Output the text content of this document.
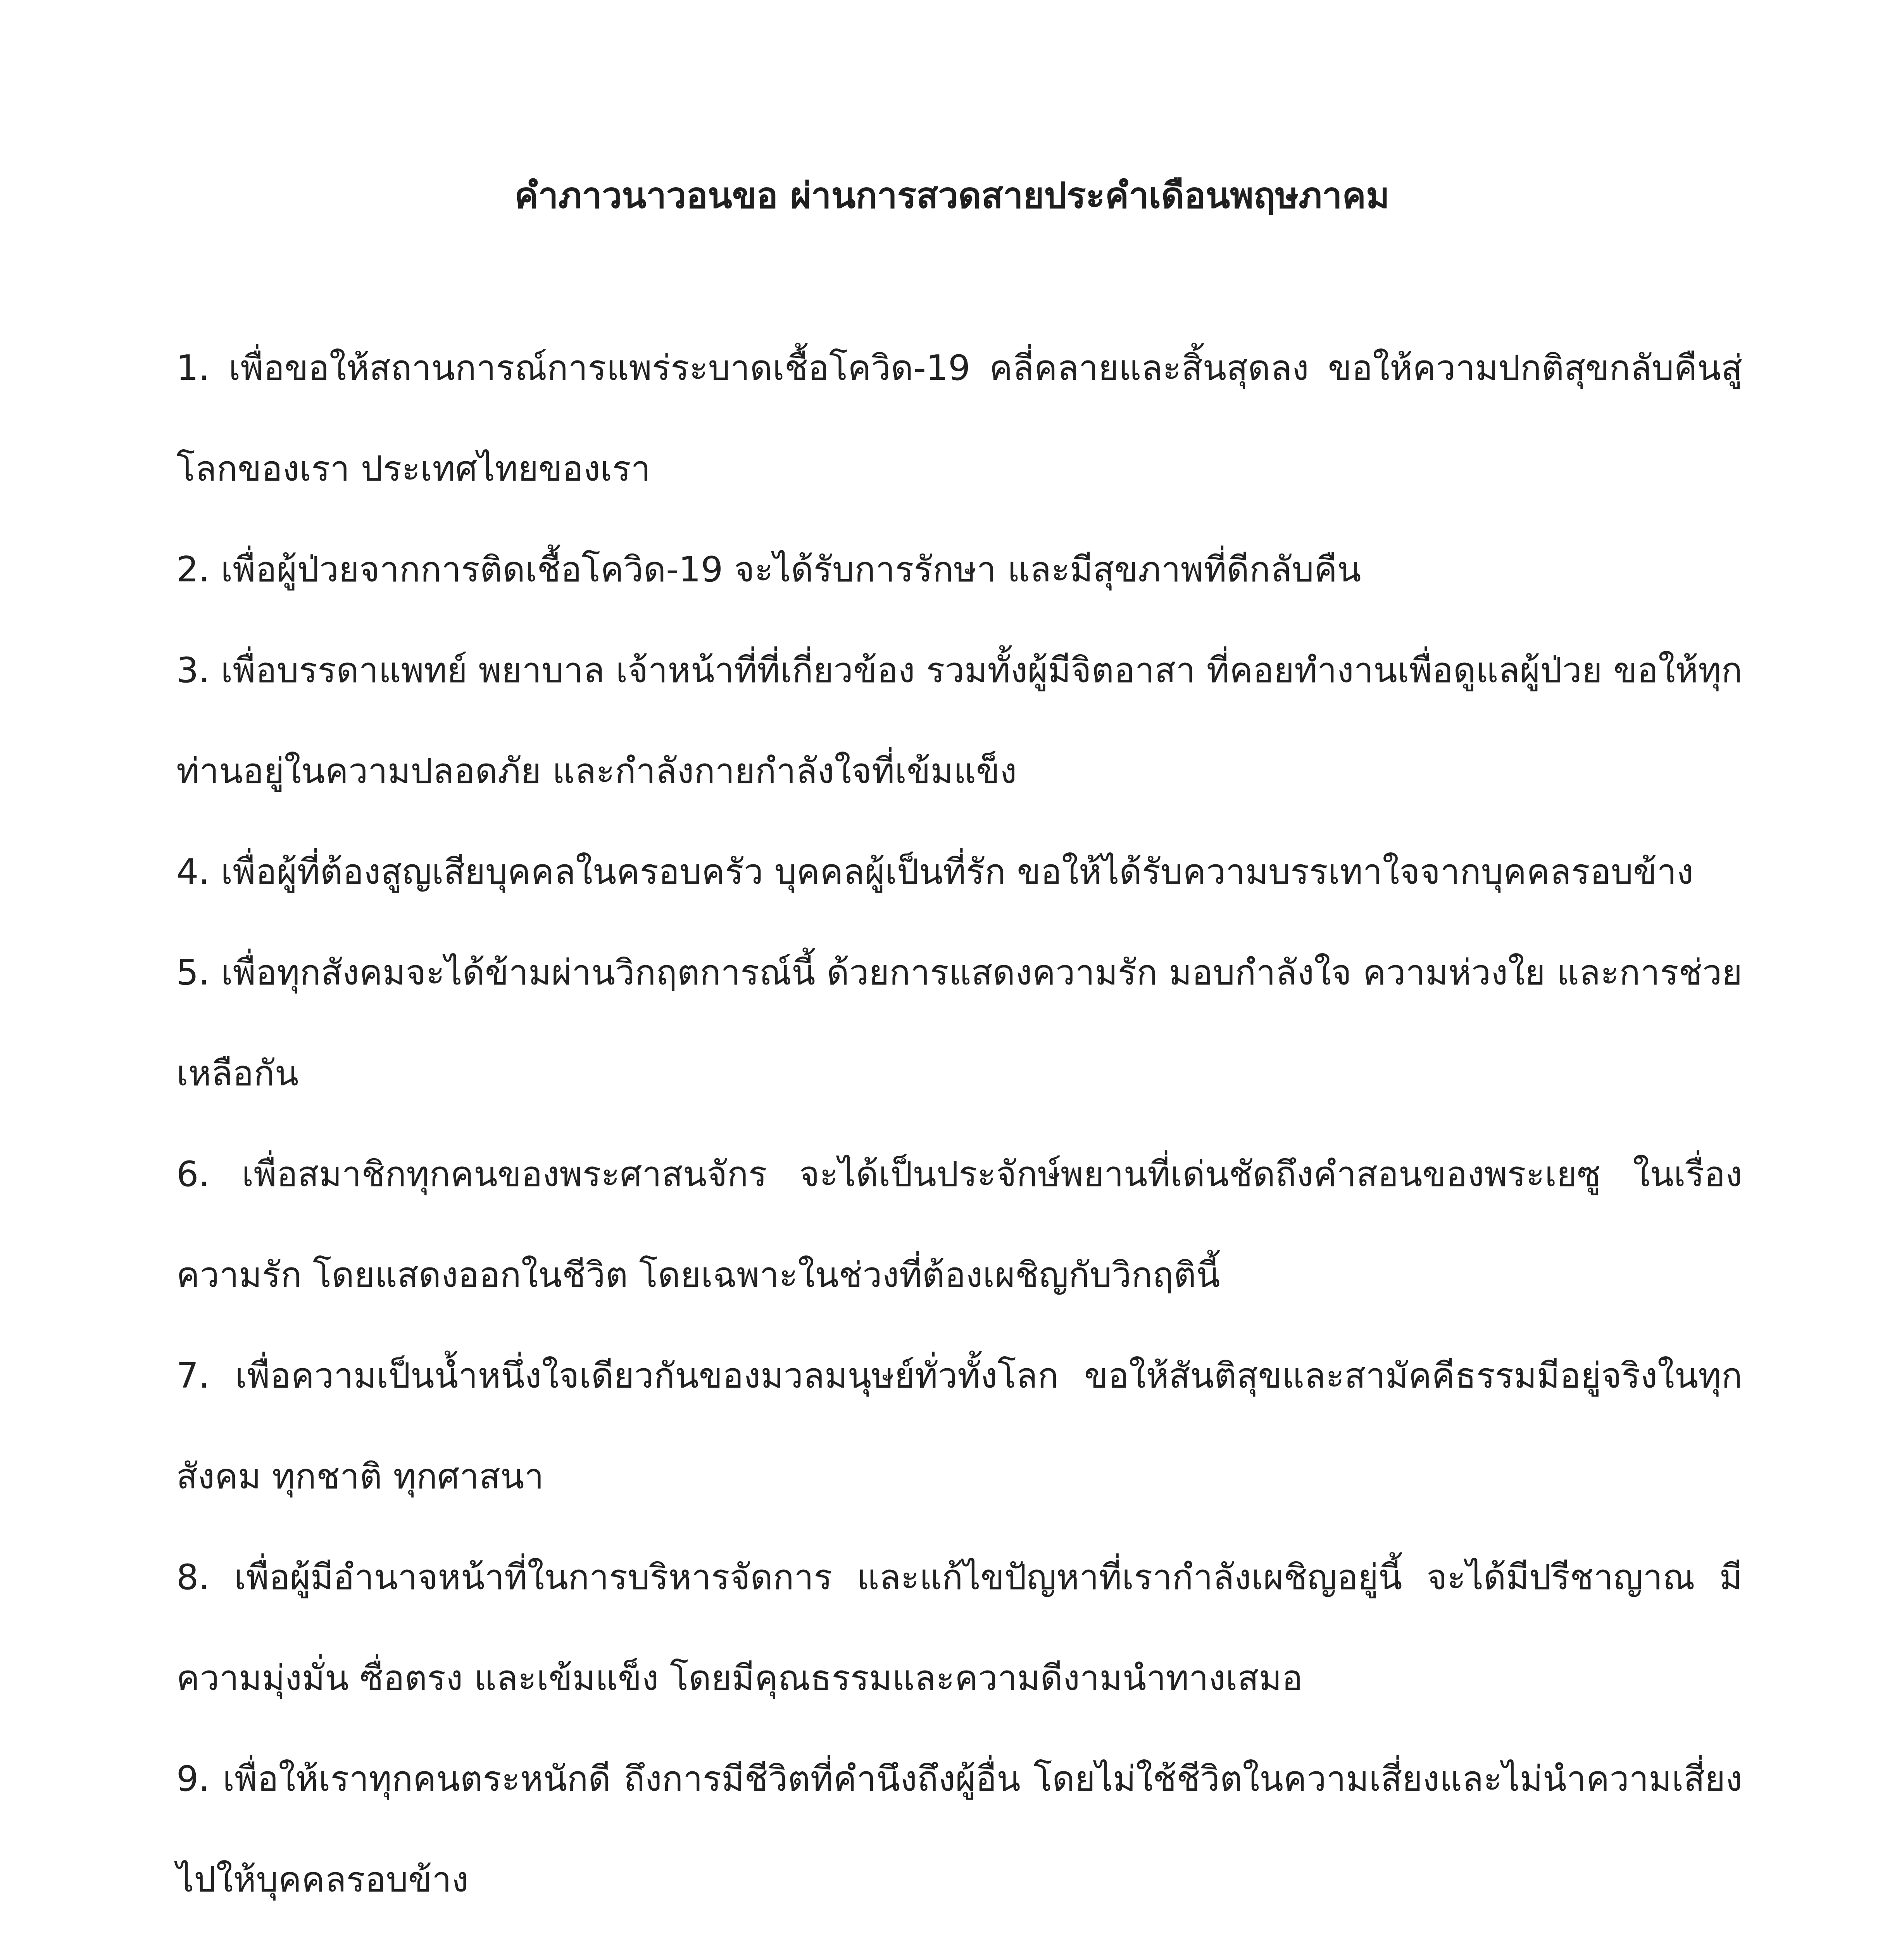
คำภาวนาวอนขอ ผ่านการสวดสายประคำเดือนพฤษภาคม

1. เพื่อขอให้สถานการณ์การแพร่ระบาดเชื้อโควิด-19 คลี่คลายและสิ้นสุดลง ขอให้ความปกติสุขกลับคืนสู่โลกของเรา ประเทศไทยของเรา

2. เพื่อผู้ป่วยจากการติดเชื้อโควิด-19 จะได้รับการรักษา และมีสุขภาพที่ดีกลับคืน

3. เพื่อบรรดาแพทย์ พยาบาล เจ้าหน้าที่ที่เกี่ยวข้อง รวมทั้งผู้มีจิตอาสา ที่คอยทำงานเพื่อดูแลผู้ป่วย ขอให้ทุกท่านอยู่ในความปลอดภัย และกำลังกายกำลังใจที่เข้มแข็ง

4. เพื่อผู้ที่ต้องสูญเสียบุคคลในครอบครัว บุคคลผู้เป็นที่รัก ขอให้ได้รับความบรรเทาใจจากบุคคลรอบข้าง

5. เพื่อทุกสังคมจะได้ข้ามผ่านวิกฤตการณ์นี้ ด้วยการแสดงความรัก มอบกำลังใจ ความห่วงใย และการช่วยเหลือกัน

6. เพื่อสมาชิกทุกคนของพระศาสนจักร จะได้เป็นประจักษ์พยานที่เด่นชัดถึงคำสอนของพระเยซู ในเรื่องความรัก โดยแสดงออกในชีวิต โดยเฉพาะในช่วงที่ต้องเผชิญกับวิกฤตินี้

7. เพื่อความเป็นน้ำหนึ่งใจเดียวกันของมวลมนุษย์ทั่วทั้งโลก ขอให้สันติสุขและสามัคคีธรรมมีอยู่จริงในทุกสังคม ทุกชาติ ทุกศาสนา

8. เพื่อผู้มีอำนาจหน้าที่ในการบริหารจัดการ และแก้ไขปัญหาที่เรากำลังเผชิญอยู่นี้ จะได้มีปรีชาญาณ มีความมุ่งมั่น ซื่อตรง และเข้มแข็ง โดยมีคุณธรรมและความดีงามนำทางเสมอ

9. เพื่อให้เราทุกคนตระหนักดี ถึงการมีชีวิตที่คำนึงถึงผู้อื่น โดยไม่ใช้ชีวิตในความเสี่ยงและไม่นำความเสี่ยงไปให้บุคคลรอบข้าง
